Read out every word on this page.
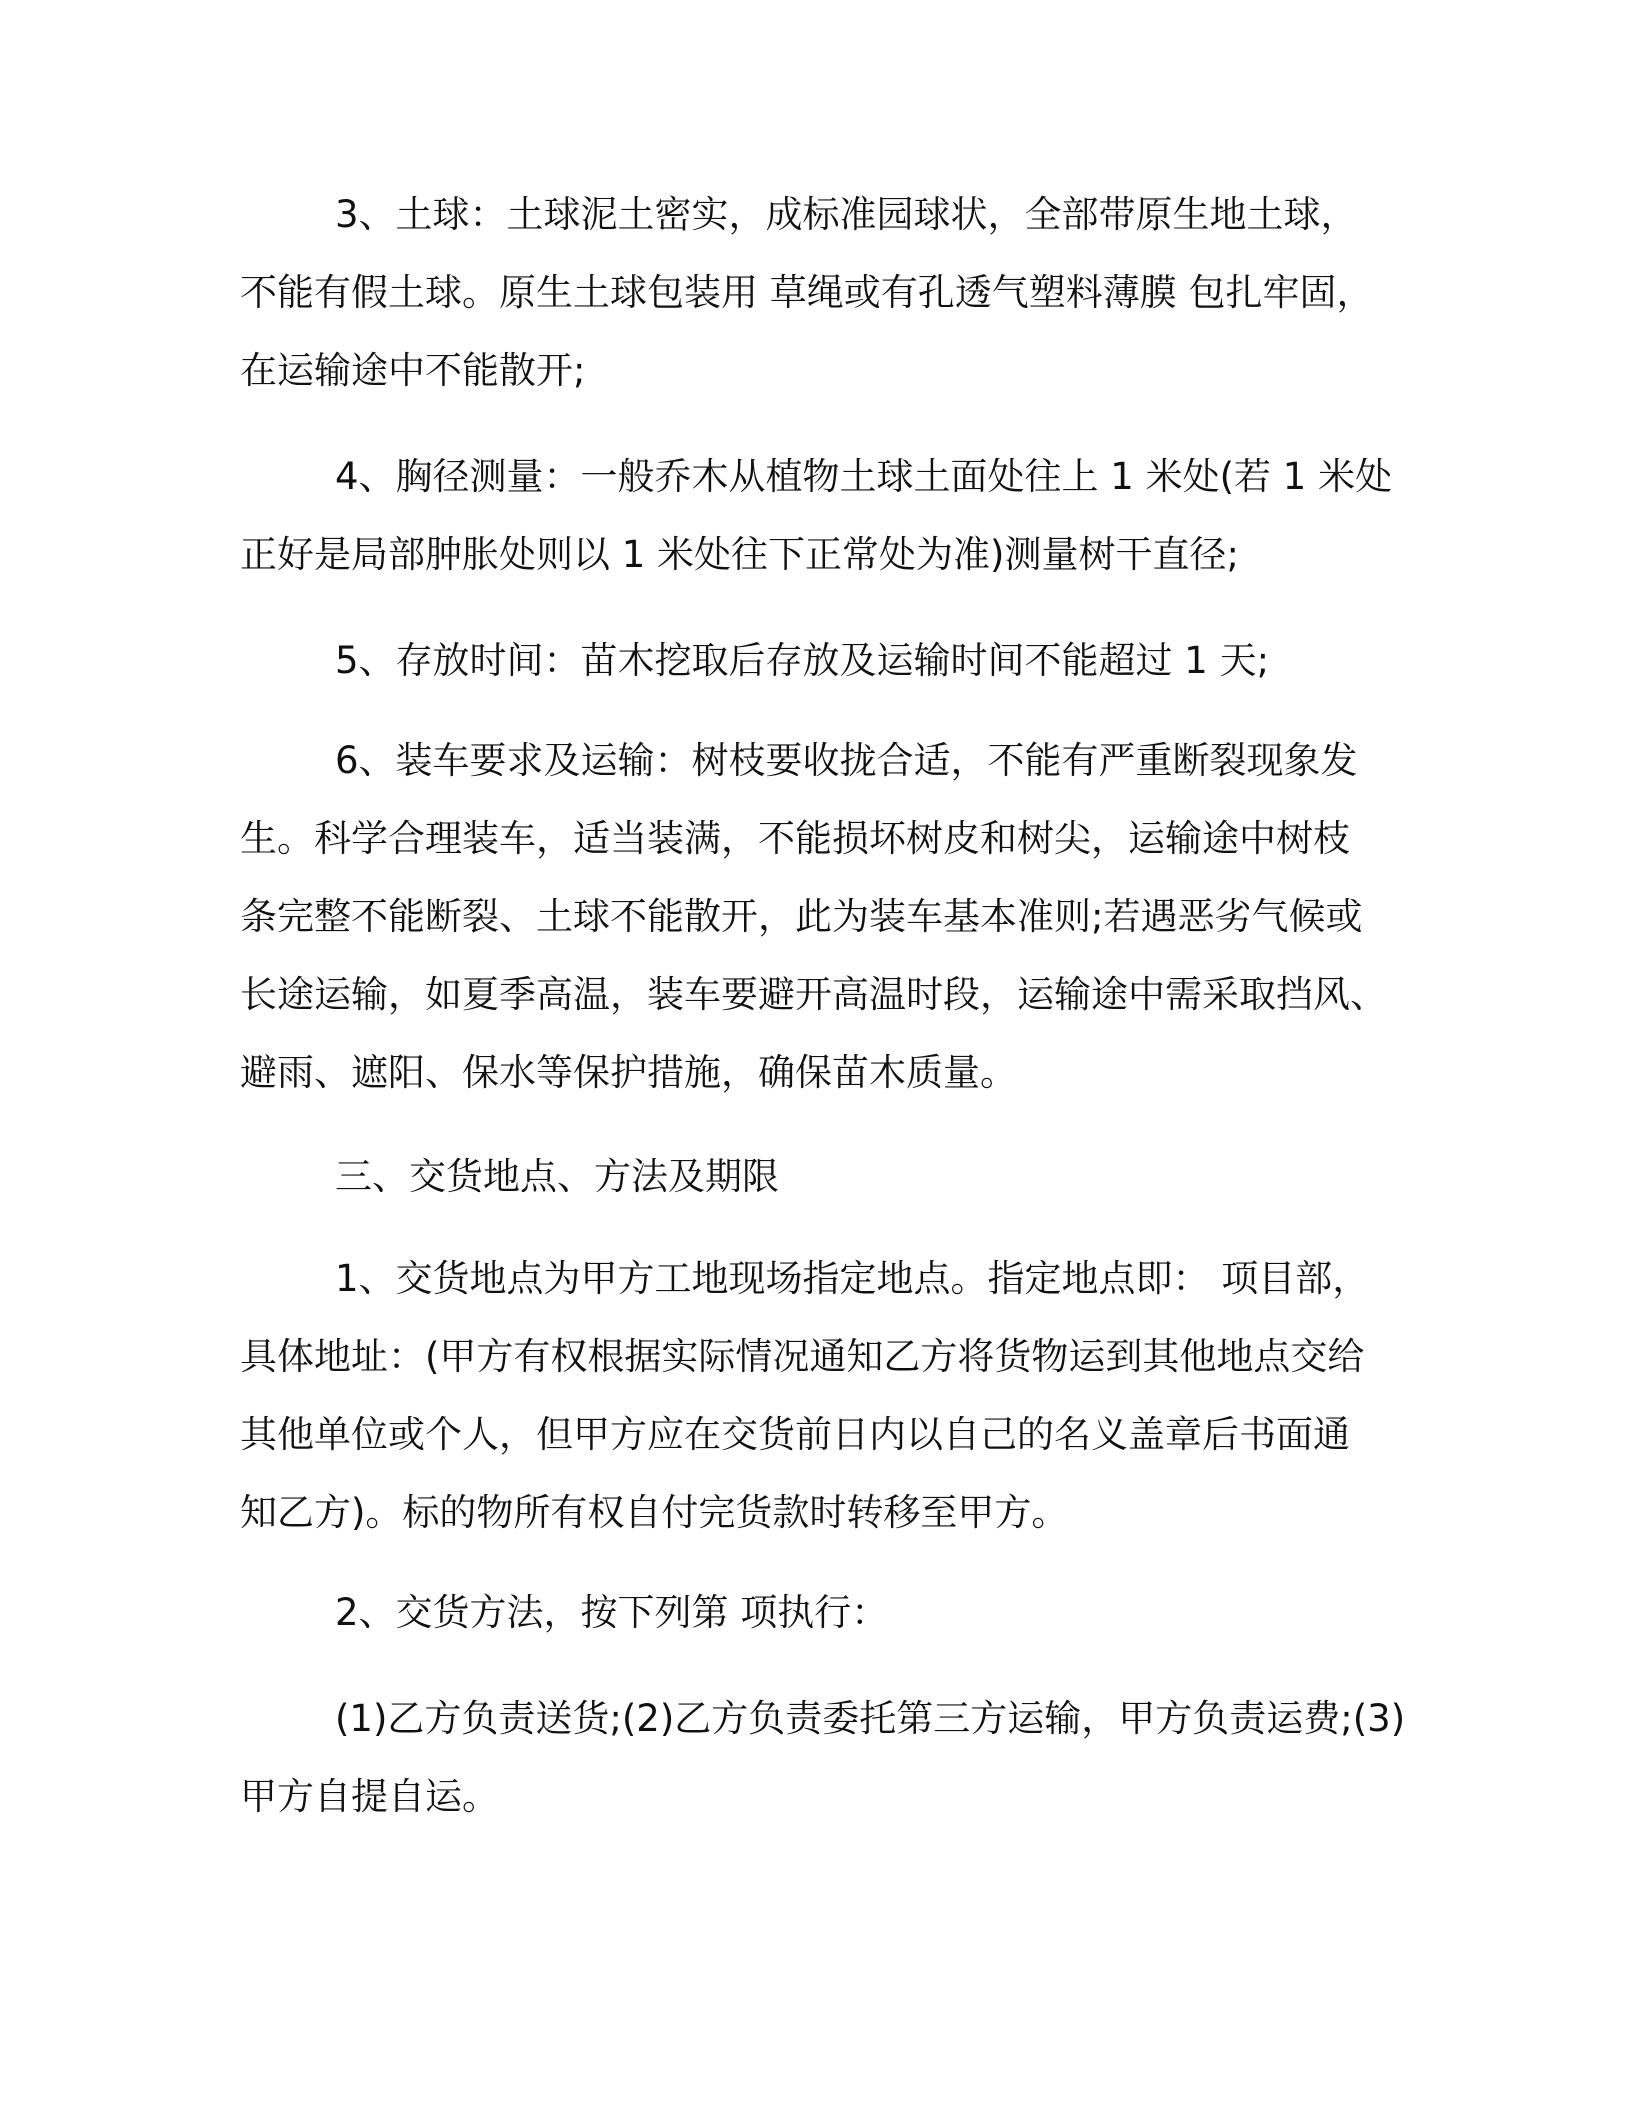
3、土球：土球泥土密实，成标准园球状，全部带原生地土球，
不能有假土球。原生土球包装用 草绳或有孔透气塑料薄膜 包扎牢固，
在运输途中不能散开;

4、胸径测量：一般乔木从植物土球土面处往上 1 米处(若 1 米处
正好是局部肿胀处则以 1 米处往下正常处为准)测量树干直径;

5、存放时间：苗木挖取后存放及运输时间不能超过 1 天;

6、装车要求及运输：树枝要收拢合适，不能有严重断裂现象发
生。科学合理装车，适当装满，不能损坏树皮和树尖，运输途中树枝
条完整不能断裂、土球不能散开，此为装车基本准则;若遇恶劣气候或
长途运输，如夏季高温，装车要避开高温时段，运输途中需采取挡风、
避雨、遮阳、保水等保护措施，确保苗木质量。

三、交货地点、方法及期限

1、交货地点为甲方工地现场指定地点。指定地点即： 项目部，
具体地址：(甲方有权根据实际情况通知乙方将货物运到其他地点交给
其他单位或个人，但甲方应在交货前日内以自己的名义盖章后书面通
知乙方)。标的物所有权自付完货款时转移至甲方。

2、交货方法，按下列第 项执行：

(1)乙方负责送货;(2)乙方负责委托第三方运输，甲方负责运费;(3)
甲方自提自运。
